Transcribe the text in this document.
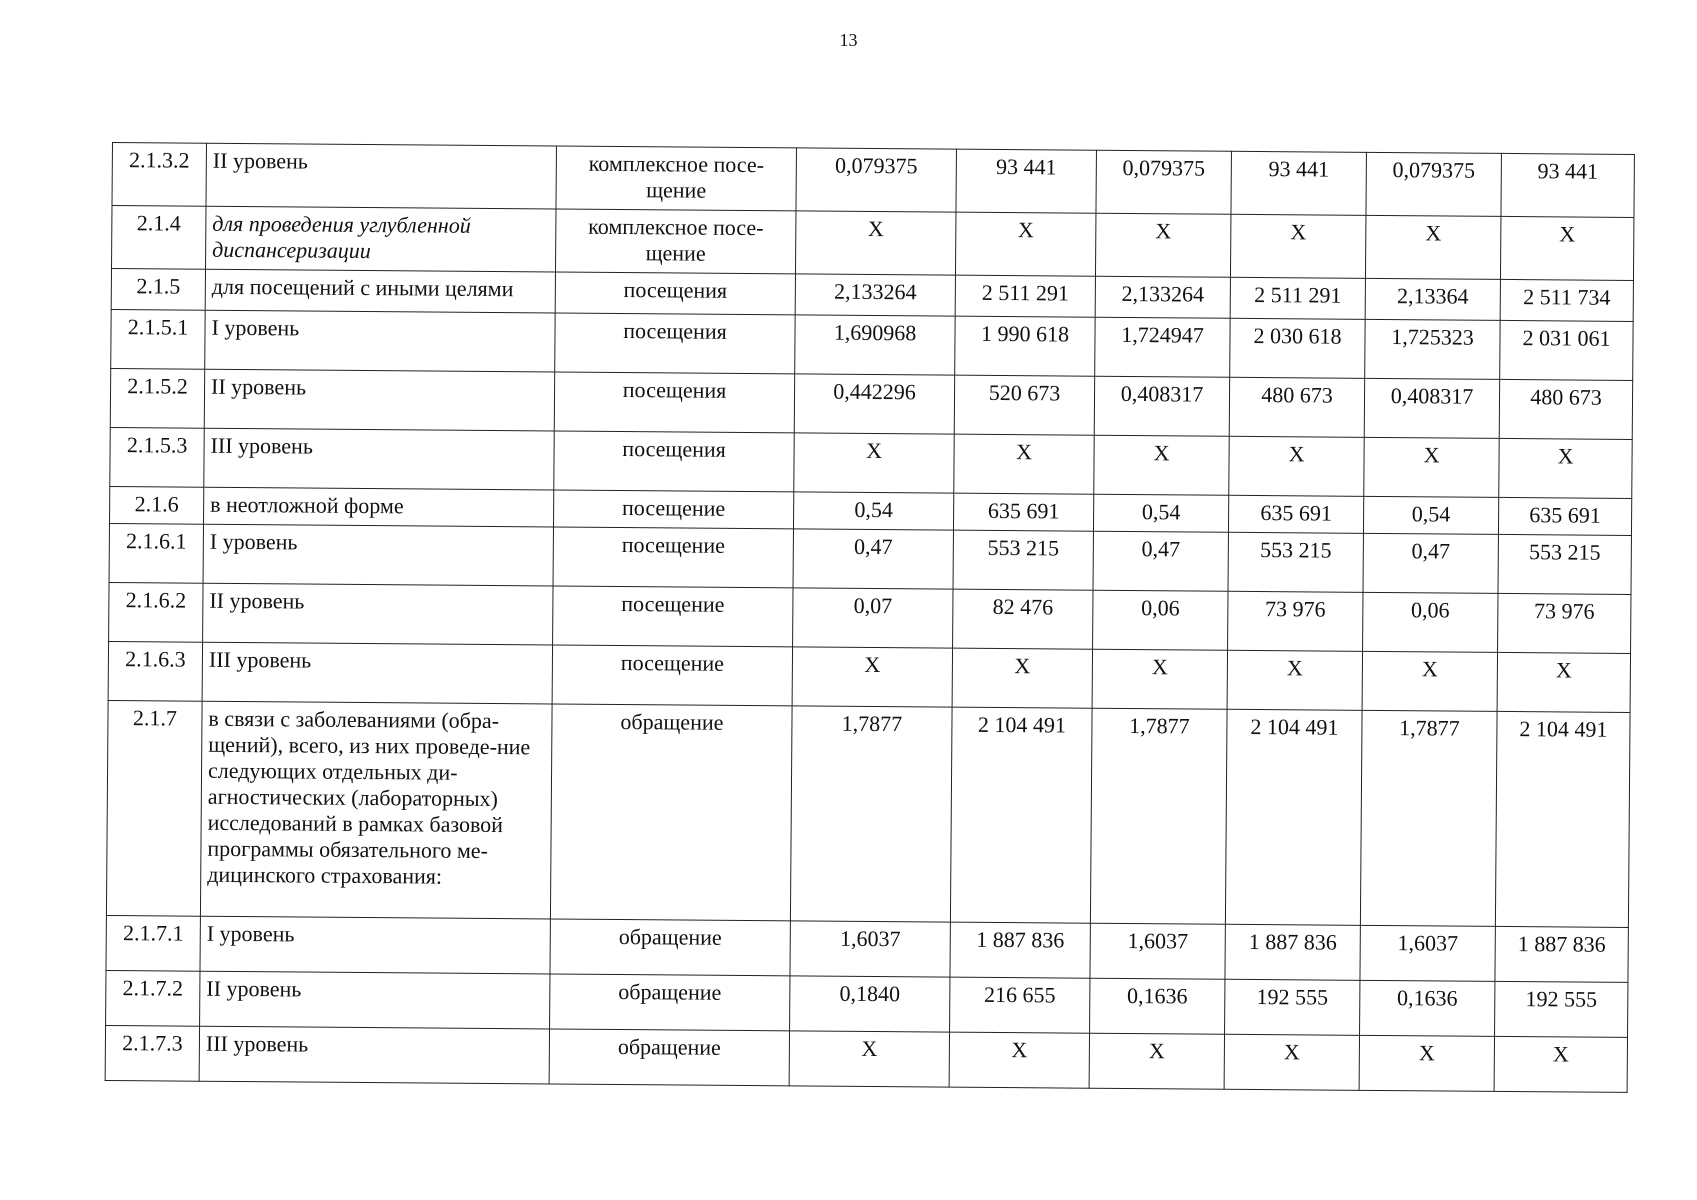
13
2.1.3.2	II уровень	комплексное посе-щение	0,079375	93 441	0,079375	93 441	0,079375	93 441
2.1.4	для проведения углубленной диспансеризации	комплексное посе-щение	X	X	X	X	X	X
2.1.5	для посещений с иными целями	посещения	2,133264	2 511 291	2,133264	2 511 291	2,13364	2 511 734
2.1.5.1	I уровень	посещения	1,690968	1 990 618	1,724947	2 030 618	1,725323	2 031 061
2.1.5.2	II уровень	посещения	0,442296	520 673	0,408317	480 673	0,408317	480 673
2.1.5.3	III уровень	посещения	X	X	X	X	X	X
2.1.6	в неотложной форме	посещение	0,54	635 691	0,54	635 691	0,54	635 691
2.1.6.1	I уровень	посещение	0,47	553 215	0,47	553 215	0,47	553 215
2.1.6.2	II уровень	посещение	0,07	82 476	0,06	73 976	0,06	73 976
2.1.6.3	III уровень	посещение	X	X	X	X	X	X
2.1.7	в связи с заболеваниями (обра-щений), всего, из них проведе-ние следующих отдельных ди-агностических (лабораторных) исследований в рамках базовой программы обязательного ме-дицинского страхования:	обращение	1,7877	2 104 491	1,7877	2 104 491	1,7877	2 104 491
2.1.7.1	I уровень	обращение	1,6037	1 887 836	1,6037	1 887 836	1,6037	1 887 836
2.1.7.2	II уровень	обращение	0,1840	216 655	0,1636	192 555	0,1636	192 555
2.1.7.3	III уровень	обращение	X	X	X	X	X	X
